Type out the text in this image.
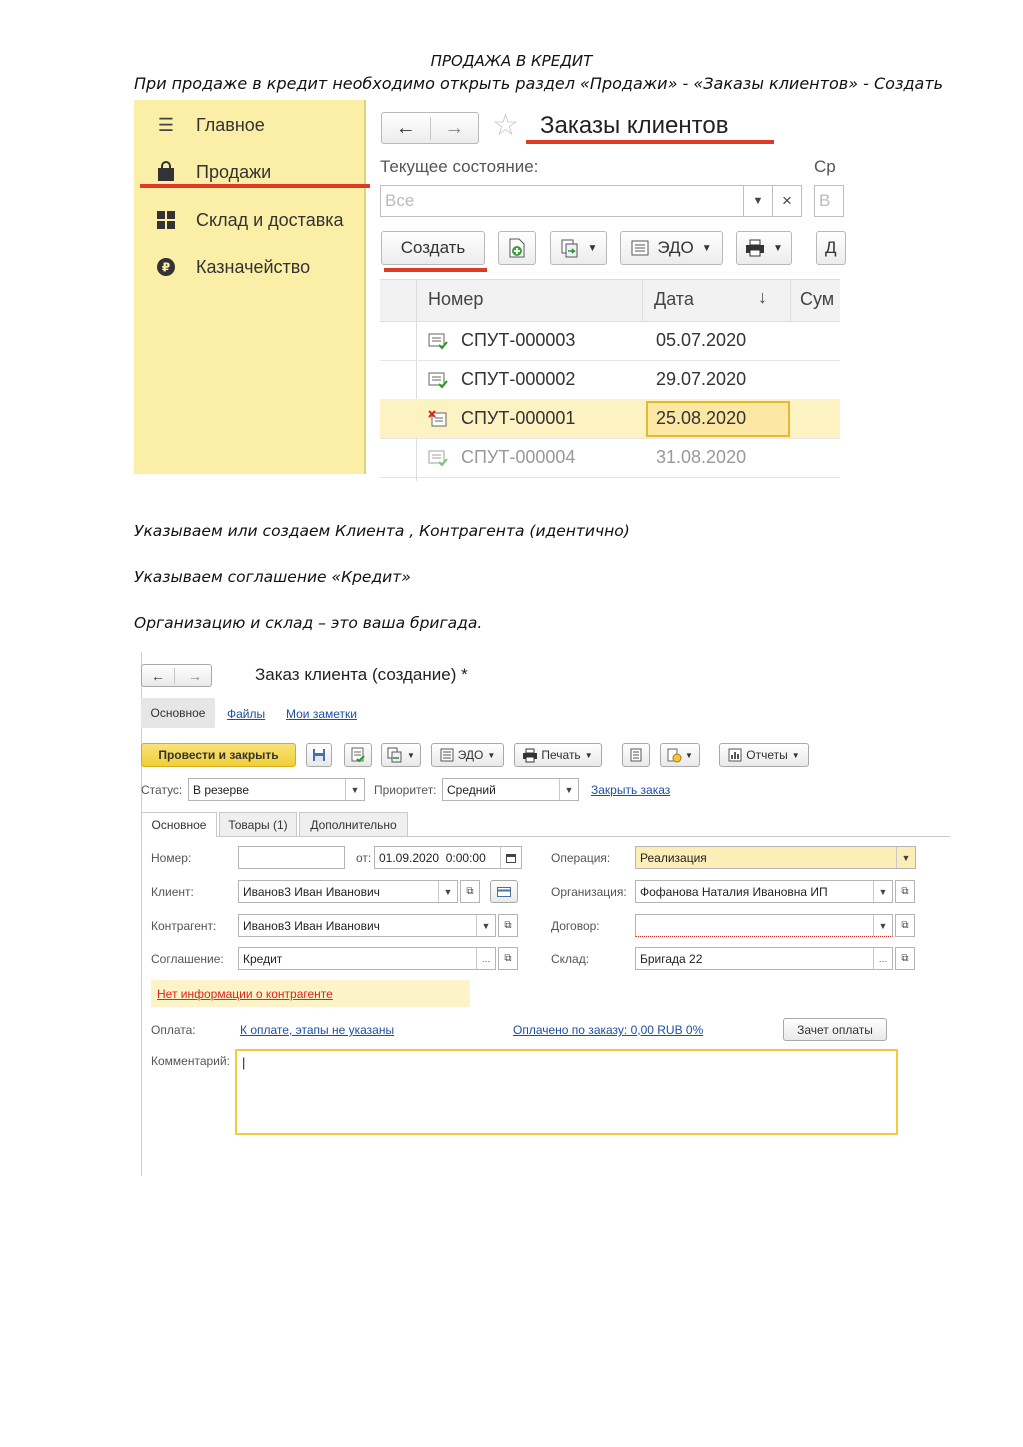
ПРОДАЖА В КРЕДИТ
При продаже в кредит необходимо открыть раздел «Продажи» - «Заказы клиентов» - Создать
☰ Главное
Продажи
Склад и доставка
₽ Казначейство
←	→ ☆ Заказы клиентов
Текущее состояние:	Ср
Все	▼	×	В
Создать	▼	ЭДО ▼	▼	Д
Номер	Дата	↓ Сум
СПУТ-000003	05.07.2020
СПУТ-000002	29.07.2020
СПУТ-000001	25.08.2020
СПУТ-000004	31.08.2020
Указываем или создаем Клиента , Контрагента (идентично)
Указываем соглашение «Кредит»
Организацию и склад – это ваша бригада.
←	→	Заказ клиента (создание) *
Основное	Файлы Мои заметки
Провести и закрыть	▼	ЭДО ▼	Печать ▼	▼	Отчеты ▼
Статус: В резерве	▼	Приоритет: Средний	▼	Закрыть заказ
Основное	Товары (1)	Дополнительно
Номер:	от: 01.09.2020  0:00:00	Операция: Реализация	▼
Клиент:	Иванов3 Иван Иванович	▼	⧉	Организация: Фофанова Наталия Ивановна ИП	▼	⧉
Контрагент: Иванов3 Иван Иванович	▼	⧉	Договор:	▼	⧉
Соглашение: Кредит	…	⧉	Склад:	Бригада 22	…	⧉
Нет информации о контрагенте
Оплата:	К оплате, этапы не указаны	Оплачено по заказу: 0,00 RUB 0%	Зачет оплаты
Комментарий: |
